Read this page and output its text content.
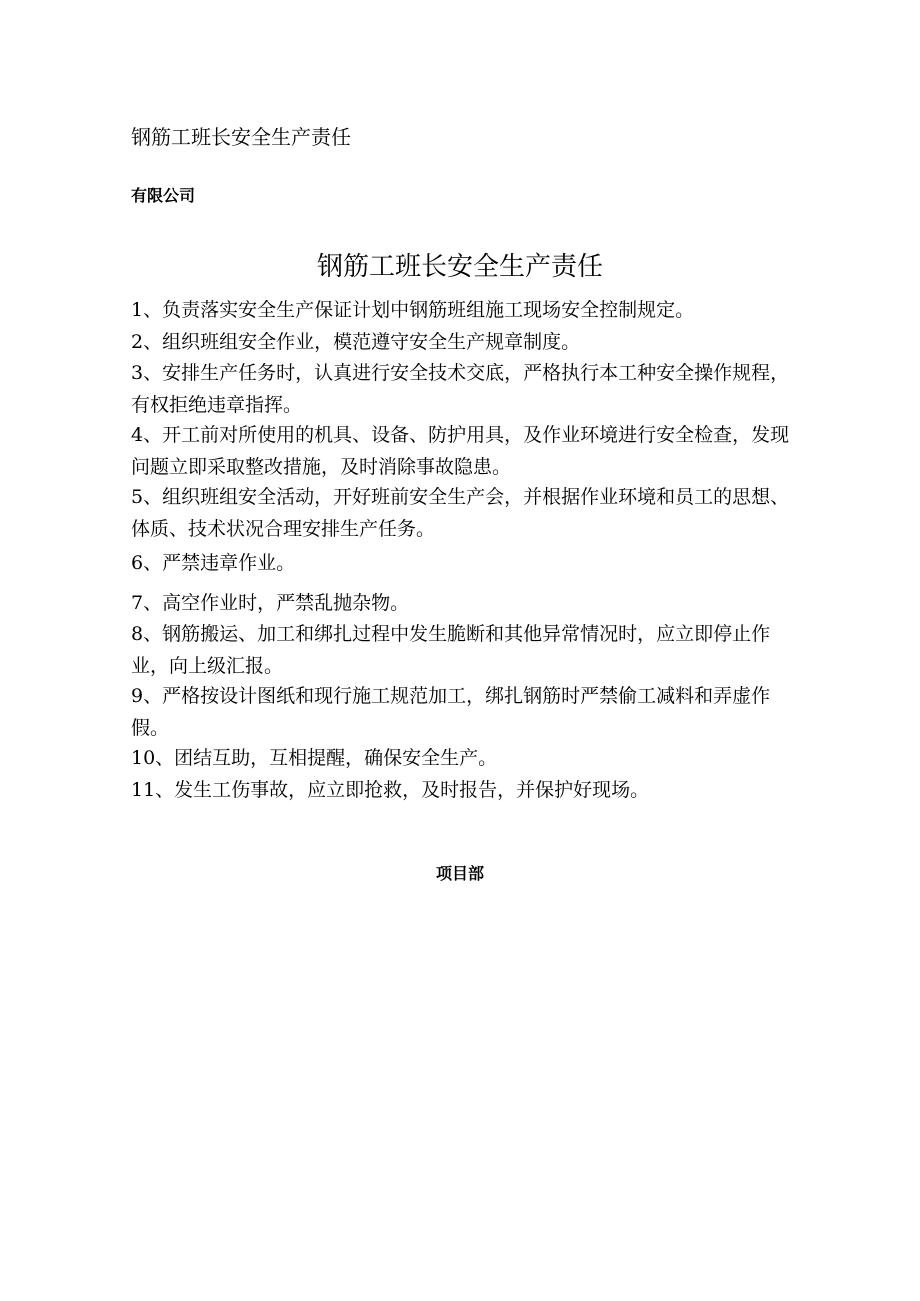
钢筋工班长安全生产责任
有限公司
钢筋工班长安全生产责任

1、负责落实安全生产保证计划中钢筋班组施工现场安全控制规定。

2、组织班组安全作业，模范遵守安全生产规章制度。

3、安排生产任务时，认真进行安全技术交底，严格执行本工种安全操作规程，有权拒绝违章指挥。

4、开工前对所使用的机具、设备、防护用具，及作业环境进行安全检查，发现问题立即采取整改措施，及时消除事故隐患。

5、组织班组安全活动，开好班前安全生产会，并根据作业环境和员工的思想、体质、技术状况合理安排生产任务。

6、严禁违章作业。

7、高空作业时，严禁乱抛杂物。

8、钢筋搬运、加工和绑扎过程中发生脆断和其他异常情况时，应立即停止作业，向上级汇报。

9、严格按设计图纸和现行施工规范加工，绑扎钢筋时严禁偷工减料和弄虚作假。

10、团结互助，互相提醒，确保安全生产。

11、发生工伤事故，应立即抢救，及时报告，并保护好现场。

项目部
